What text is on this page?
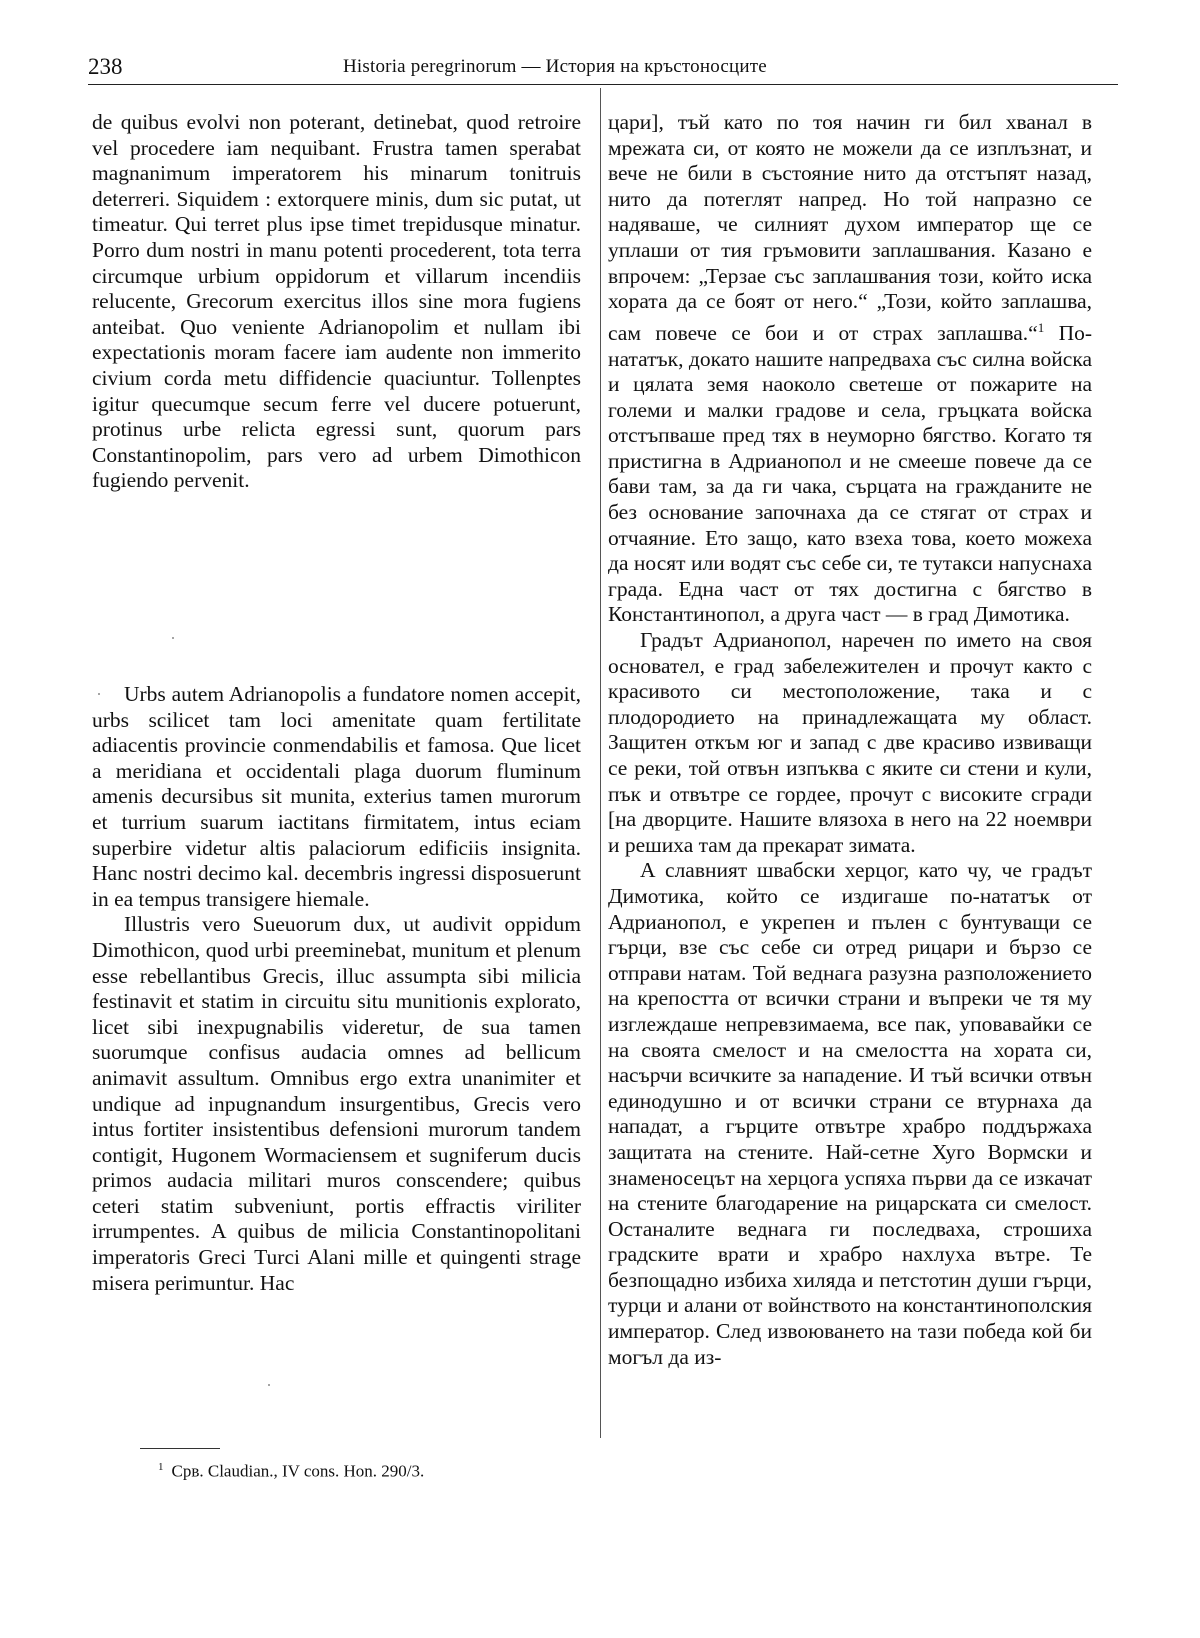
238	Historia peregrinorum — История на кръстоносците

de quibus evolvi non poterant, detinebat, quod retroire vel procedere iam nequibant. Frustra tamen sperabat magnanimum imperatorem his minarum tonitruis deterreri. Siquidem : extorquere minis, dum sic putat, ut timeatur. Qui terret plus ipse timet trepidusque minatur. Porro dum nostri in manu potenti procederent, tota terra circumque urbium oppidorum et villarum incendiis relucente, Grecorum exercitus illos sine mora fugiens anteibat. Quo veniente Adrianopolim et nullam ibi expectationis moram facere iam audente non immerito civium corda metu diffidencie quaciuntur. Tollenptes igitur quecumque secum ferre vel ducere potuerunt, protinus urbe relicta egressi sunt, quorum pars Constantinopolim, pars vero ad urbem Dimothicon fugiendo pervenit.

Urbs autem Adrianopolis a fundatore nomen accepit, urbs scilicet tam loci amenitate quam fertilitate adiacentis provincie conmendabilis et famosa. Que licet a meridiana et occidentali plaga duorum fluminum amenis decursibus sit munita, exterius tamen murorum et turrium suarum iactitans firmitatem, intus eciam superbire videtur altis palaciorum edificiis insignita. Hanc nostri decimo kal. decembris ingressi disposuerunt in ea tempus transigere hiemale.

Illustris vero Sueuorum dux, ut audivit oppidum Dimothicon, quod urbi preeminebat, munitum et plenum esse rebellantibus Grecis, illuc assumpta sibi milicia festinavit et statim in circuitu situ munitionis explorato, licet sibi inexpugnabilis videretur, de sua tamen suorumque confisus audacia omnes ad bellicum animavit assultum. Omnibus ergo extra unanimiter et undique ad inpugnandum insurgentibus, Grecis vero intus fortiter insistentibus defensioni murorum tandem contigit, Hugonem Wormaciensem et sugniferum ducis primos audacia militari muros conscendere; quibus ceteri statim subveniunt, portis effractis viriliter irrumpentes. A quibus de milicia Constantinopolitani imperatoris Greci Turci Alani mille et quingenti strage misera perimuntur. Hac

цари], тъй като по тоя начин ги бил хванал в мрежата си, от която не можели да се изплъзнат, и вече не били в състояние нито да отстъпят назад, нито да потеглят напред. Но той напразно се надяваше, че силният духом император ще се уплаши от тия гръмовити заплашвания. Казано е впрочем: „Терзае със заплашвания този, който иска хората да се боят от него.“ „Този, който заплашва, сам повече се бои и от страх заплашва.“$^1$ По-нататък, докато нашите напредваха със силна войска и цялата земя наоколо светеше от пожарите на големи и малки градове и села, гръцката войска отстъпваше пред тях в неуморно бягство. Когато тя пристигна в Адрианопол и не смееше повече да се бави там, за да ги чака, сърцата на гражданите не без основание започнаха да се стягат от страх и отчаяние. Ето защо, като взеха това, което можеха да носят или водят със себе си, те тутакси напуснаха града. Една част от тях достигна с бягство в Константинопол, а друга част — в град Димотика.

Градът Адрианопол, наречен по името на своя основател, е град забележителен и прочут както с красивото си местоположение, така и с плодородието на принадлежащата му област. Защитен откъм юг и запад с две красиво извиващи се реки, той отвън изпъква с яките си стени и кули, пък и отвътре се гордее, прочут с високите сгради [на дворците. Нашите влязоха в него на 22 ноември и решиха там да прекарат зимата.

А славният швабски херцог, като чу, че градът Димотика, който се издигаше по-нататък от Адрианопол, е укрепен и пълен с бунтуващи се гърци, взе със себе си отред рицари и бързо се отправи натам. Той веднага разузна разположението на крепостта от всички страни и въпреки че тя му изглеждаше непревзимаема, все пак, уповавайки се на своята смелост и на смелостта на хората си, насърчи всичките за нападение. И тъй всички отвън единодушно и от всички страни се втурнаха да нападат, а гърците отвътре храбро поддържаха защитата на стените. Най-сетне Хуго Вормски и знаменосецът на херцога успяха първи да се изкачат на стените благодарение на рицарската си смелост. Останалите веднага ги последваха, строшиха градските врати и храбро нахлуха вътре. Те безпощадно избиха хиляда и петстотин души гърци, турци и алани от войнството на константинополския император. След извоюването на тази победа кой би могъл да из-

$^1$ Срв. Claudian., IV cons. Hon. 290/3.
